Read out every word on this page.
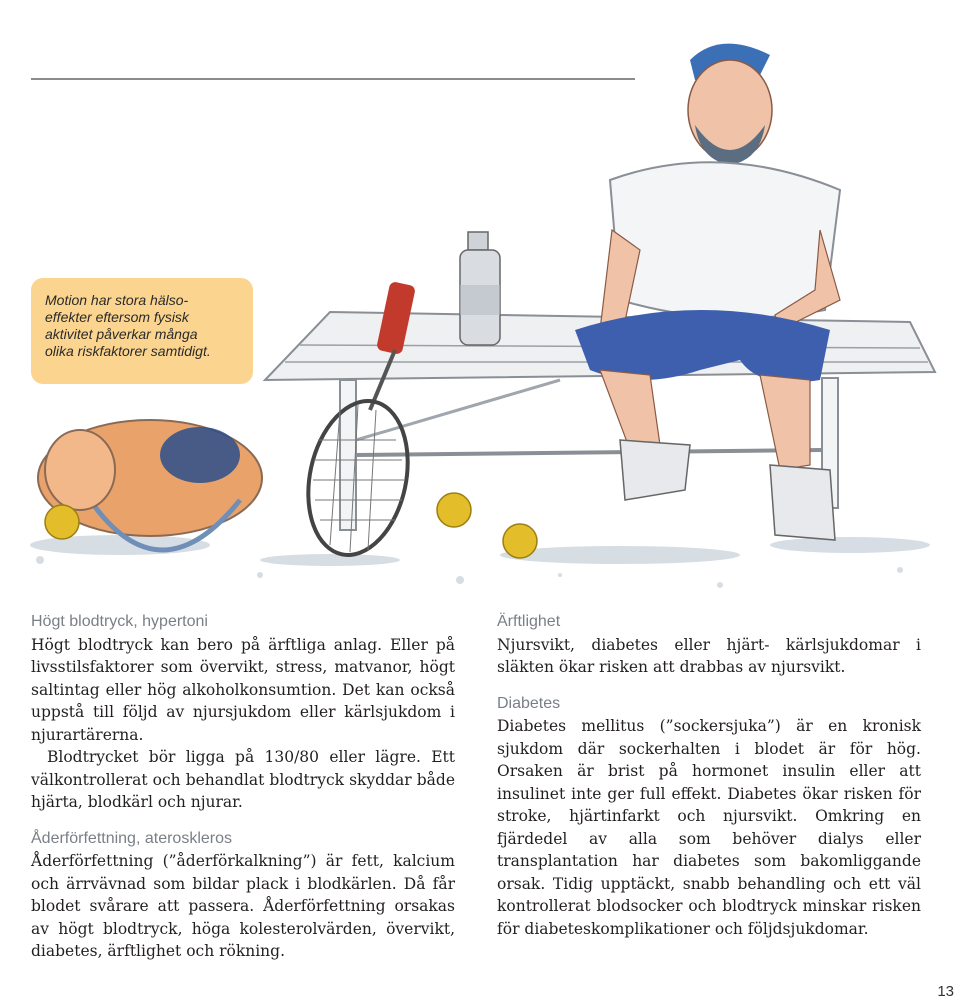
Motion har stora hälso-
effekter eftersom fysisk
aktivitet påverkar många
olika riskfaktorer samtidigt.
Högt blodtryck, hypertoni

Högt blodtryck kan bero på ärftliga anlag. Eller på livsstilsfaktorer som övervikt, stress, matvanor, högt saltintag eller hög alkoholkonsumtion. Det kan också uppstå till följd av njursjukdom eller kärlsjukdom i njurartärerna.

Blodtrycket bör ligga på 130/80 eller lägre. Ett välkontrollerat och behandlat blodtryck skyddar både hjärta, blodkärl och njurar.

Åderförfettning, ateroskleros

Åderförfettning (”åderförkalkning”) är fett, kalcium och ärrvävnad som bildar plack i blodkärlen. Då får blodet svårare att passera. Åderförfettning orsakas av högt blodtryck, höga kolesterolvärden, övervikt, diabetes, ärftlighet och rökning.

Ärftlighet

Njursvikt, diabetes eller hjärt- kärlsjukdomar i släkten ökar risken att drabbas av njursvikt.

Diabetes

Diabetes mellitus (”sockersjuka”) är en kronisk sjukdom där sockerhalten i blodet är för hög. Orsaken är brist på hormonet insulin eller att insulinet inte ger full effekt. Diabetes ökar risken för stroke, hjärtinfarkt och njursvikt. Omkring en fjärdedel av alla som behöver dialys eller transplantation har diabetes som bakomliggande orsak. Tidig upptäckt, snabb behandling och ett väl kontrollerat blodsocker och blodtryck minskar risken för diabeteskomplikationer och följdsjukdomar.

13
